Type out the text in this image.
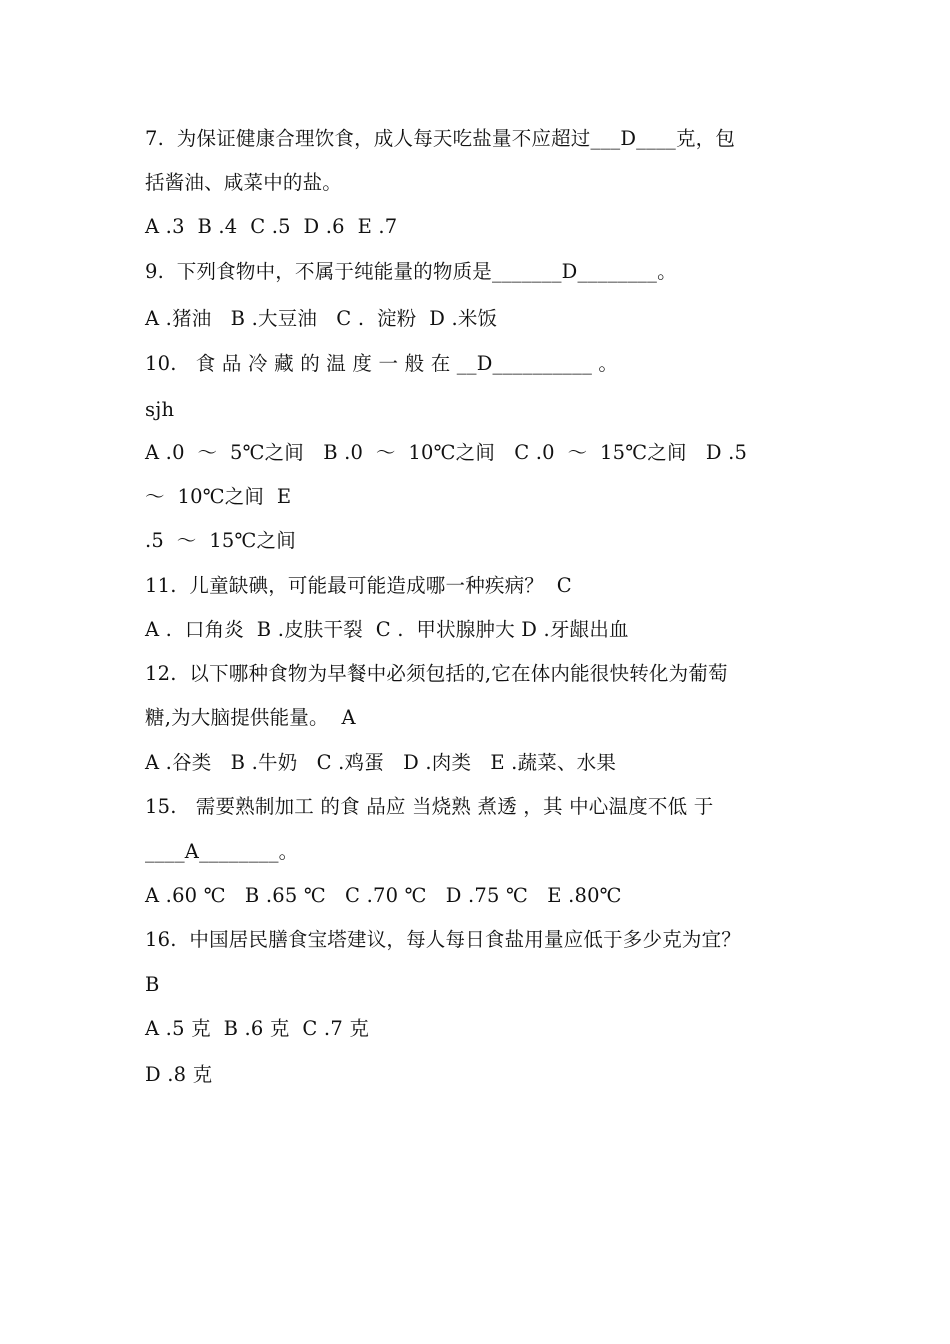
7.  为保证健康合理饮食，成人每天吃盐量不应超过___D____克，包
括酱油、咸菜中的盐。
A .3  B .4  C .5  D .6  E .7
9.  下列食物中，不属于纯能量的物质是_______D________。
A .猪油   B .大豆油   C .  淀粉  D .米饭
10.   食 品 冷 藏 的 温 度 一 般 在 __D__________ 。
sjh
A .0  ～  5℃之间   B .0  ～  10℃之间   C .0  ～  15℃之间   D .5
～  10℃之间  E
.5  ～  15℃之间
11.  儿童缺碘，可能最可能造成哪一种疾病？  C
A .  口角炎  B .皮肤干裂  C .  甲状腺肿大 D .牙龈出血
12.  以下哪种食物为早餐中必须包括的,它在体内能很快转化为葡萄
糖,为大脑提供能量。  A
A .谷类   B .牛奶   C .鸡蛋   D .肉类   E .蔬菜、水果
15.   需要熟制加工 的食 品应 当烧熟 煮透 ，其 中心温度不低 于
____A________。
A .60 ℃   B .65 ℃   C .70 ℃   D .75 ℃   E .80℃
16.  中国居民膳食宝塔建议，每人每日食盐用量应低于多少克为宜？
B
A .5 克  B .6 克  C .7 克
D .8 克
